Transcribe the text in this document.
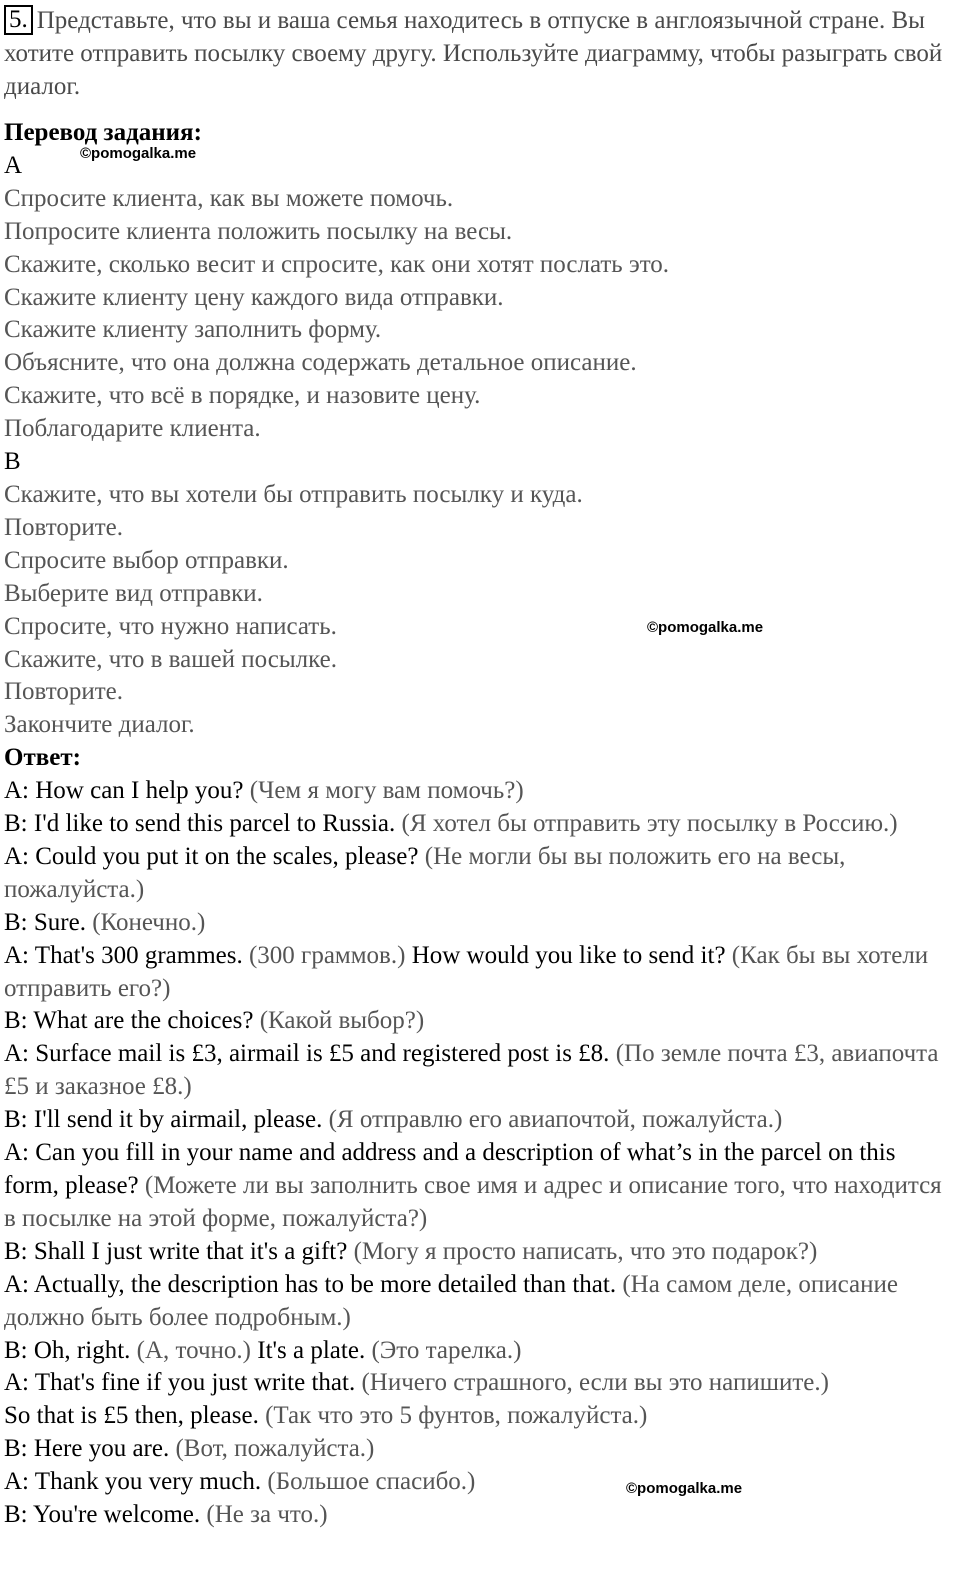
5. Представьте, что вы и ваша семья находитесь в отпуске в англоязычной стране. Вы хотите отправить посылку своему другу. Используйте диаграмму, чтобы разыграть свой диалог.

Перевод задания:
A
Спросите клиента, как вы можете помочь.
Попросите клиента положить посылку на весы.
Скажите, сколько весит и спросите, как они хотят послать это.
Скажите клиенту цену каждого вида отправки.
Скажите клиенту заполнить форму.
Объясните, что она должна содержать детальное описание.
Скажите, что всё в порядке, и назовите цену.
Поблагодарите клиента.
B
Скажите, что вы хотели бы отправить посылку и куда.
Повторите.
Спросите выбор отправки.
Выберите вид отправки.
Спросите, что нужно написать.
Скажите, что в вашей посылке.
Повторите.
Закончите диалог.
Ответ:
A: How can I help you? (Чем я могу вам помочь?)
B: I'd like to send this parcel to Russia. (Я хотел бы отправить эту посылку в Россию.)
A: Could you put it on the scales, please? (Не могли бы вы положить его на весы, пожалуйста.)
B: Sure. (Конечно.)
A: That's 300 grammes. (300 граммов.) How would you like to send it? (Как бы вы хотели отправить его?)
B: What are the choices? (Какой выбор?)
A: Surface mail is £3, airmail is £5 and registered post is £8. (По земле почта £3, авиапочта £5 и заказное £8.)
B: I'll send it by airmail, please. (Я отправлю его авиапочтой, пожалуйста.)
A: Can you fill in your name and address and a description of what’s in the parcel on this form, please? (Можете ли вы заполнить свое имя и адрес и описание того, что находится в посылке на этой форме, пожалуйста?)
B: Shall I just write that it's a gift? (Могу я просто написать, что это подарок?)
A: Actually, the description has to be more detailed than that. (На самом деле, описание должно быть более подробным.)
B: Oh, right. (А, точно.) It's a plate. (Это тарелка.)
A: That's fine if you just write that. (Ничего страшного, если вы это напишите.)
So that is £5 then, please. (Так что это 5 фунтов, пожалуйста.)
B: Here you are. (Вот, пожалуйста.)
A: Thank you very much. (Большое спасибо.)
B: You're welcome. (Не за что.)
©pomogalka.me
©pomogalka.me
©pomogalka.me
